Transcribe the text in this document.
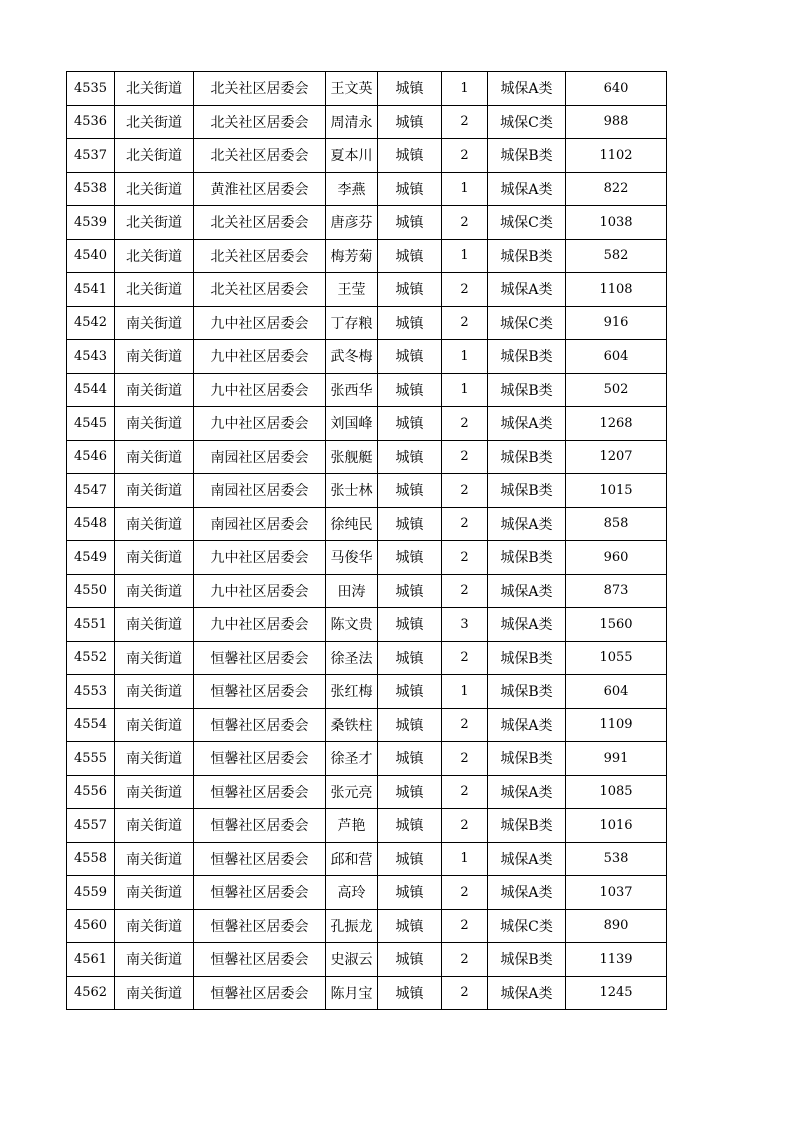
4535	北关街道	北关社区居委会	王文英	城镇	1	城保A类	640
4536	北关街道	北关社区居委会	周清永	城镇	2	城保C类	988
4537	北关街道	北关社区居委会	夏本川	城镇	2	城保B类	1102
4538	北关街道	黄淮社区居委会	李燕	城镇	1	城保A类	822
4539	北关街道	北关社区居委会	唐彦芬	城镇	2	城保C类	1038
4540	北关街道	北关社区居委会	梅芳菊	城镇	1	城保B类	582
4541	北关街道	北关社区居委会	王莹	城镇	2	城保A类	1108
4542	南关街道	九中社区居委会	丁存粮	城镇	2	城保C类	916
4543	南关街道	九中社区居委会	武冬梅	城镇	1	城保B类	604
4544	南关街道	九中社区居委会	张西华	城镇	1	城保B类	502
4545	南关街道	九中社区居委会	刘国峰	城镇	2	城保A类	1268
4546	南关街道	南园社区居委会	张舰艇	城镇	2	城保B类	1207
4547	南关街道	南园社区居委会	张士林	城镇	2	城保B类	1015
4548	南关街道	南园社区居委会	徐纯民	城镇	2	城保A类	858
4549	南关街道	九中社区居委会	马俊华	城镇	2	城保B类	960
4550	南关街道	九中社区居委会	田涛	城镇	2	城保A类	873
4551	南关街道	九中社区居委会	陈文贵	城镇	3	城保A类	1560
4552	南关街道	恒馨社区居委会	徐圣法	城镇	2	城保B类	1055
4553	南关街道	恒馨社区居委会	张红梅	城镇	1	城保B类	604
4554	南关街道	恒馨社区居委会	桑铁柱	城镇	2	城保A类	1109
4555	南关街道	恒馨社区居委会	徐圣才	城镇	2	城保B类	991
4556	南关街道	恒馨社区居委会	张元亮	城镇	2	城保A类	1085
4557	南关街道	恒馨社区居委会	芦艳	城镇	2	城保B类	1016
4558	南关街道	恒馨社区居委会	邱和营	城镇	1	城保A类	538
4559	南关街道	恒馨社区居委会	高玲	城镇	2	城保A类	1037
4560	南关街道	恒馨社区居委会	孔振龙	城镇	2	城保C类	890
4561	南关街道	恒馨社区居委会	史淑云	城镇	2	城保B类	1139
4562	南关街道	恒馨社区居委会	陈月宝	城镇	2	城保A类	1245
